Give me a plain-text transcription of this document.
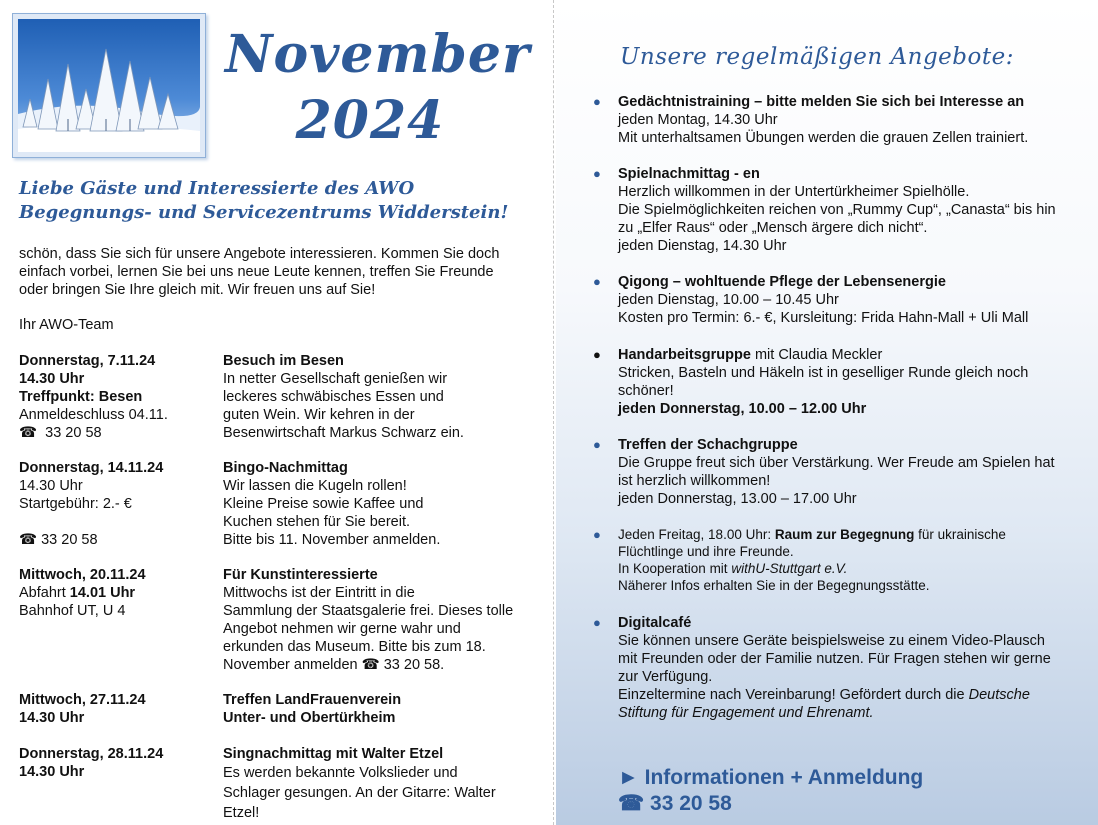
November
2024
Liebe Gäste und Interessierte des AWO
Begegnungs- und Servicezentrums Widderstein!
schön, dass Sie sich für unsere Angebote interessieren. Kommen Sie doch
einfach vorbei, lernen Sie bei uns neue Leute kennen, treffen Sie Freunde
oder bringen Sie Ihre gleich mit. Wir freuen uns auf Sie!
Ihr AWO-Team
Donnerstag, 7.11.24
14.30 Uhr
Treffpunkt: Besen
Anmeldeschluss 04.11.
☎ 33 20 58
Besuch im Besen
In netter Gesellschaft genießen wir
leckeres schwäbisches Essen und
guten Wein. Wir kehren in der
Besenwirtschaft Markus Schwarz ein.
Donnerstag, 14.11.24
14.30 Uhr
Startgebühr: 2.- €

☎ 33 20 58
Bingo-Nachmittag
Wir lassen die Kugeln rollen!
Kleine Preise sowie Kaffee und
Kuchen stehen für Sie bereit.
Bitte bis 11. November anmelden.
Mittwoch, 20.11.24
Abfahrt 14.01 Uhr
Bahnhof UT, U 4
Für Kunstinteressierte
Mittwochs ist der Eintritt in die
Sammlung der Staatsgalerie frei. Dieses tolle
Angebot nehmen wir gerne wahr und
erkunden das Museum. Bitte bis zum 18.
November anmelden ☎ 33 20 58.
Mittwoch, 27.11.24
14.30 Uhr
Treffen LandFrauenverein
Unter- und Obertürkheim
Donnerstag, 28.11.24
14.30 Uhr
Singnachmittag mit Walter Etzel
Es werden bekannte Volkslieder und
Schlager gesungen. An der Gitarre: Walter
Etzel!
Unsere regelmäßigen Angebote:
● Gedächtnistraining – bitte melden Sie sich bei Interesse an
jeden Montag, 14.30 Uhr
Mit unterhaltsamen Übungen werden die grauen Zellen trainiert.
● Spielnachmittag - en
Herzlich willkommen in der Untertürkheimer Spielhölle.
Die Spielmöglichkeiten reichen von „Rummy Cup“, „Canasta“ bis hin
zu „Elfer Raus“ oder „Mensch ärgere dich nicht“.
jeden Dienstag, 14.30 Uhr
● Qigong – wohltuende Pflege der Lebensenergie
jeden Dienstag, 10.00 – 10.45 Uhr
Kosten pro Termin: 6.- €, Kursleitung: Frida Hahn-Mall + Uli Mall
● Handarbeitsgruppe mit Claudia Meckler
Stricken, Basteln und Häkeln ist in geselliger Runde gleich noch
schöner!
jeden Donnerstag, 10.00 – 12.00 Uhr
● Treffen der Schachgruppe
Die Gruppe freut sich über Verstärkung. Wer Freude am Spielen hat
ist herzlich willkommen!
jeden Donnerstag, 13.00 – 17.00 Uhr
● Jeden Freitag, 18.00 Uhr: Raum zur Begegnung für ukrainische
Flüchtlinge und ihre Freunde.
In Kooperation mit withU-Stuttgart e.V.
Näherer Infos erhalten Sie in der Begegnungsstätte.
● Digitalcafé
Sie können unsere Geräte beispielsweise zu einem Video-Plausch
mit Freunden oder der Familie nutzen. Für Fragen stehen wir gerne
zur Verfügung.
Einzeltermine nach Vereinbarung! Gefördert durch die Deutsche
Stiftung für Engagement und Ehrenamt.
► Informationen + Anmeldung
☎ 33 20 58
